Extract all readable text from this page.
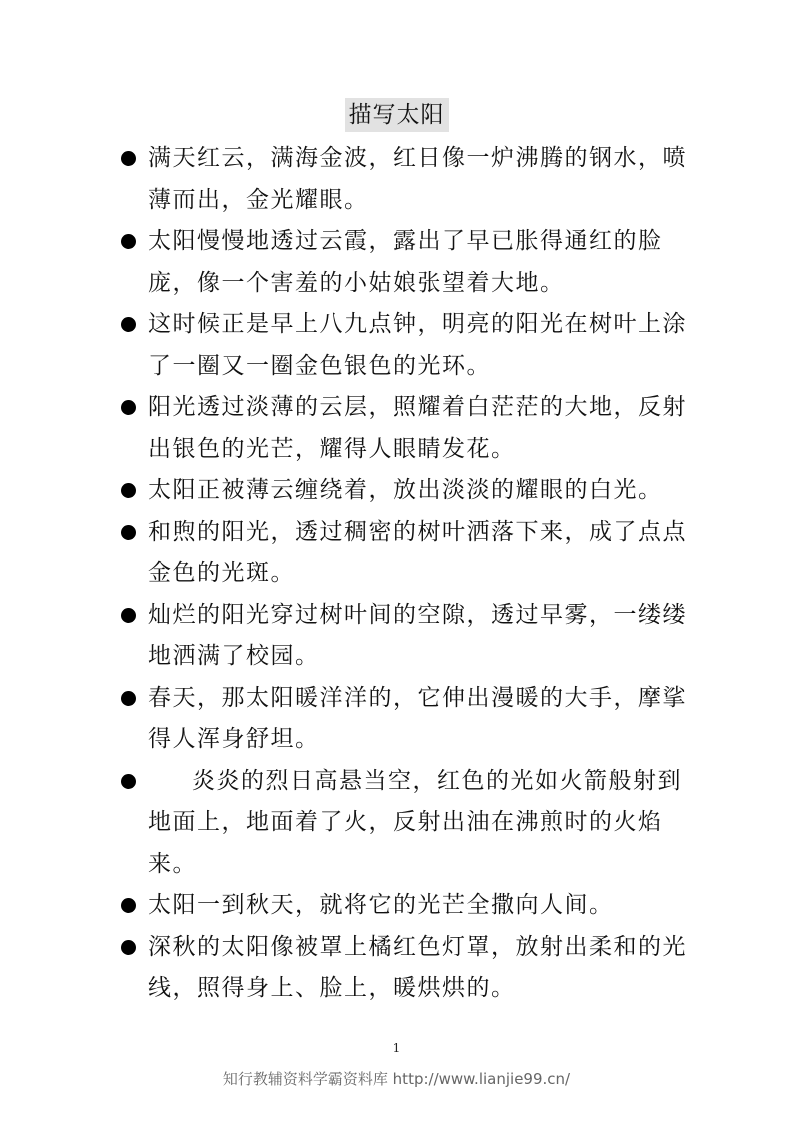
描写太阳
满天红云，满海金波，红日像一炉沸腾的钢水，喷薄而出，金光耀眼。
太阳慢慢地透过云霞，露出了早已胀得通红的脸庞，像一个害羞的小姑娘张望着大地。
这时候正是早上八九点钟，明亮的阳光在树叶上涂了一圈又一圈金色银色的光环。
阳光透过淡薄的云层，照耀着白茫茫的大地，反射出银色的光芒，耀得人眼睛发花。
太阳正被薄云缠绕着，放出淡淡的耀眼的白光。
和煦的阳光，透过稠密的树叶洒落下来，成了点点金色的光斑。
灿烂的阳光穿过树叶间的空隙，透过早雾，一缕缕地洒满了校园。
春天，那太阳暖洋洋的，它伸出漫暖的大手，摩挲得人浑身舒坦。
炎炎的烈日高悬当空，红色的光如火箭般射到地面上，地面着了火，反射出油在沸煎时的火焰来。
太阳一到秋天，就将它的光芒全撒向人间。
深秋的太阳像被罩上橘红色灯罩，放射出柔和的光线，照得身上、脸上，暖烘烘的。
1
知行教辅资料学霸资料库 http://www.lianjie99.cn/
